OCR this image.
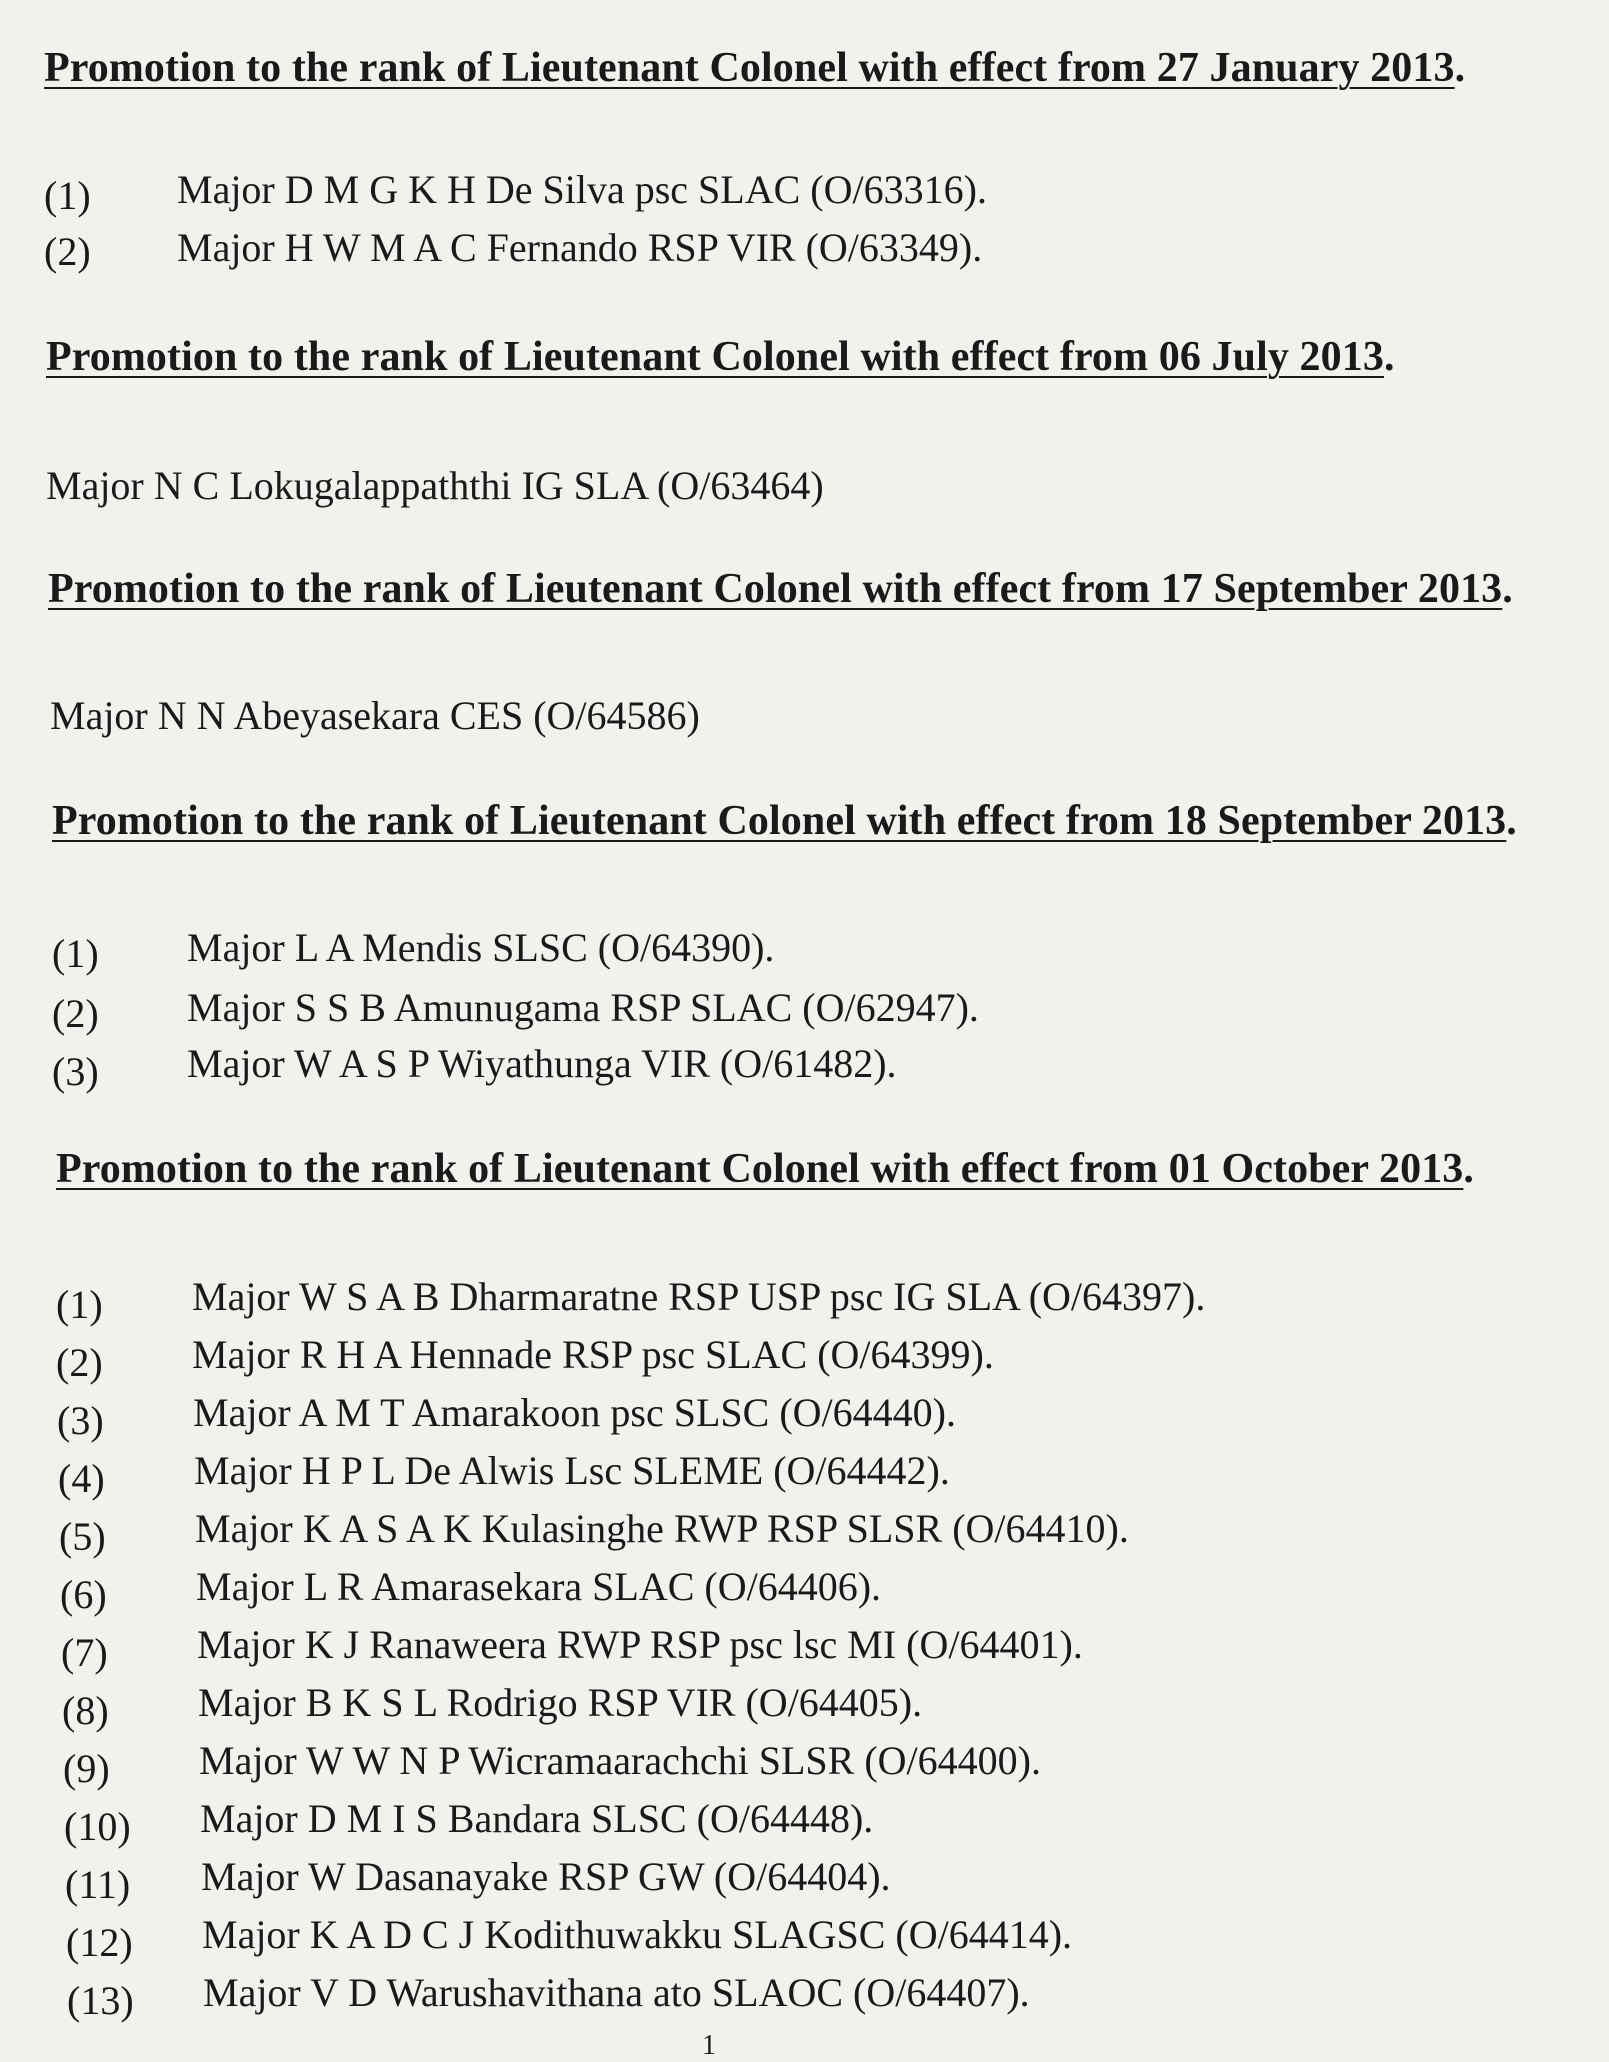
Promotion to the rank of Lieutenant Colonel with effect from 27 January 2013.
(1) Major D M G K H De Silva psc SLAC (O/63316).
(2) Major H W M A C Fernando RSP VIR (O/63349).
Promotion to the rank of Lieutenant Colonel with effect from 06 July 2013.
Major N C Lokugalappaththi IG SLA (O/63464)
Promotion to the rank of Lieutenant Colonel with effect from 17 September 2013.
Major N N Abeyasekara CES (O/64586)
Promotion to the rank of Lieutenant Colonel with effect from 18 September 2013.
(1) Major L A Mendis SLSC (O/64390).
(2) Major S S B Amunugama RSP SLAC (O/62947).
(3) Major W A S P Wiyathunga VIR (O/61482).
Promotion to the rank of Lieutenant Colonel with effect from 01 October 2013.
(1) Major W S A B Dharmaratne RSP USP psc IG SLA (O/64397).
(2) Major R H A Hennade RSP psc SLAC (O/64399).
(3) Major A M T Amarakoon psc SLSC (O/64440).
(4) Major H P L De Alwis Lsc SLEME (O/64442).
(5) Major K A S A K Kulasinghe RWP RSP SLSR (O/64410).
(6) Major L R Amarasekara SLAC (O/64406).
(7) Major K J Ranaweera RWP RSP psc lsc MI (O/64401).
(8) Major B K S L Rodrigo RSP VIR (O/64405).
(9) Major W W N P Wicramaarachchi SLSR (O/64400).
(10) Major D M I S Bandara SLSC (O/64448).
(11) Major W Dasanayake RSP GW (O/64404).
(12) Major K A D C J Kodithuwakku SLAGSC (O/64414).
(13) Major V D Warushavithana ato SLAOC (O/64407).
1
